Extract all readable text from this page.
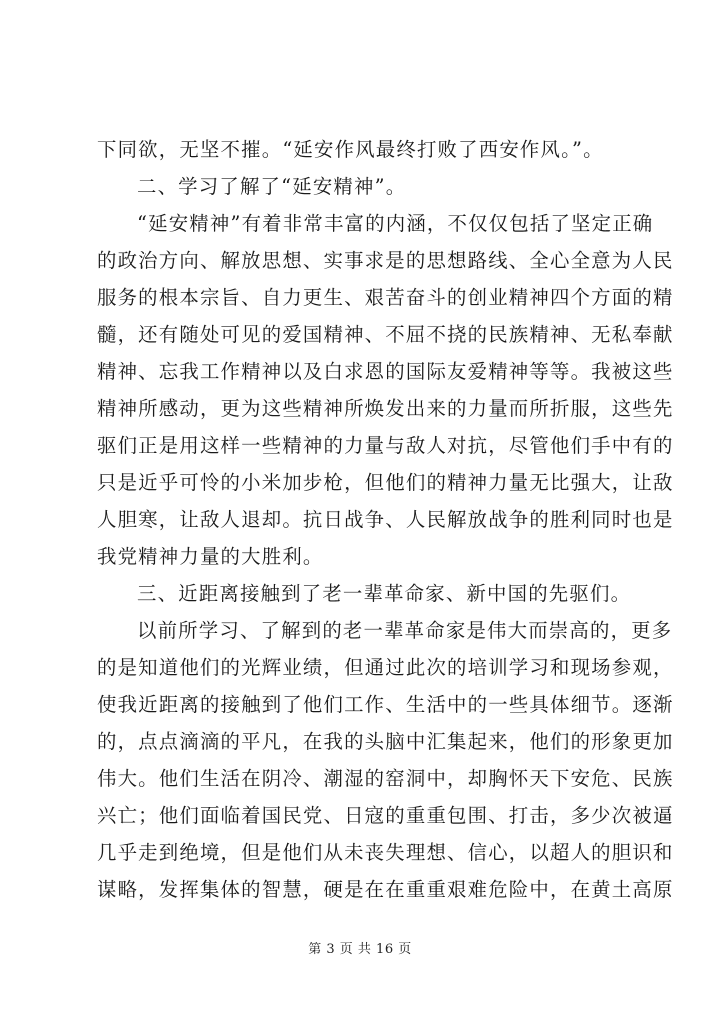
下同欲，无坚不摧。“延安作风最终打败了西安作风。”。
二、学习了解了“延安精神”。
“延安精神”有着非常丰富的内涵，不仅仅包括了坚定正确
的政治方向、解放思想、实事求是的思想路线、全心全意为人民
服务的根本宗旨、自力更生、艰苦奋斗的创业精神四个方面的精
髓，还有随处可见的爱国精神、不屈不挠的民族精神、无私奉献
精神、忘我工作精神以及白求恩的国际友爱精神等等。我被这些
精神所感动，更为这些精神所焕发出来的力量而所折服，这些先
驱们正是用这样一些精神的力量与敌人对抗，尽管他们手中有的
只是近乎可怜的小米加步枪，但他们的精神力量无比强大，让敌
人胆寒，让敌人退却。抗日战争、人民解放战争的胜利同时也是
我党精神力量的大胜利。
三、近距离接触到了老一辈革命家、新中国的先驱们。
以前所学习、了解到的老一辈革命家是伟大而崇高的，更多
的是知道他们的光辉业绩，但通过此次的培训学习和现场参观，
使我近距离的接触到了他们工作、生活中的一些具体细节。逐渐
的，点点滴滴的平凡，在我的头脑中汇集起来，他们的形象更加
伟大。他们生活在阴冷、潮湿的窑洞中，却胸怀天下安危、民族
兴亡；他们面临着国民党、日寇的重重包围、打击，多少次被逼
几乎走到绝境，但是他们从未丧失理想、信心，以超人的胆识和
谋略，发挥集体的智慧，硬是在在重重艰难危险中，在黄土高原
第 3 页 共 16 页
